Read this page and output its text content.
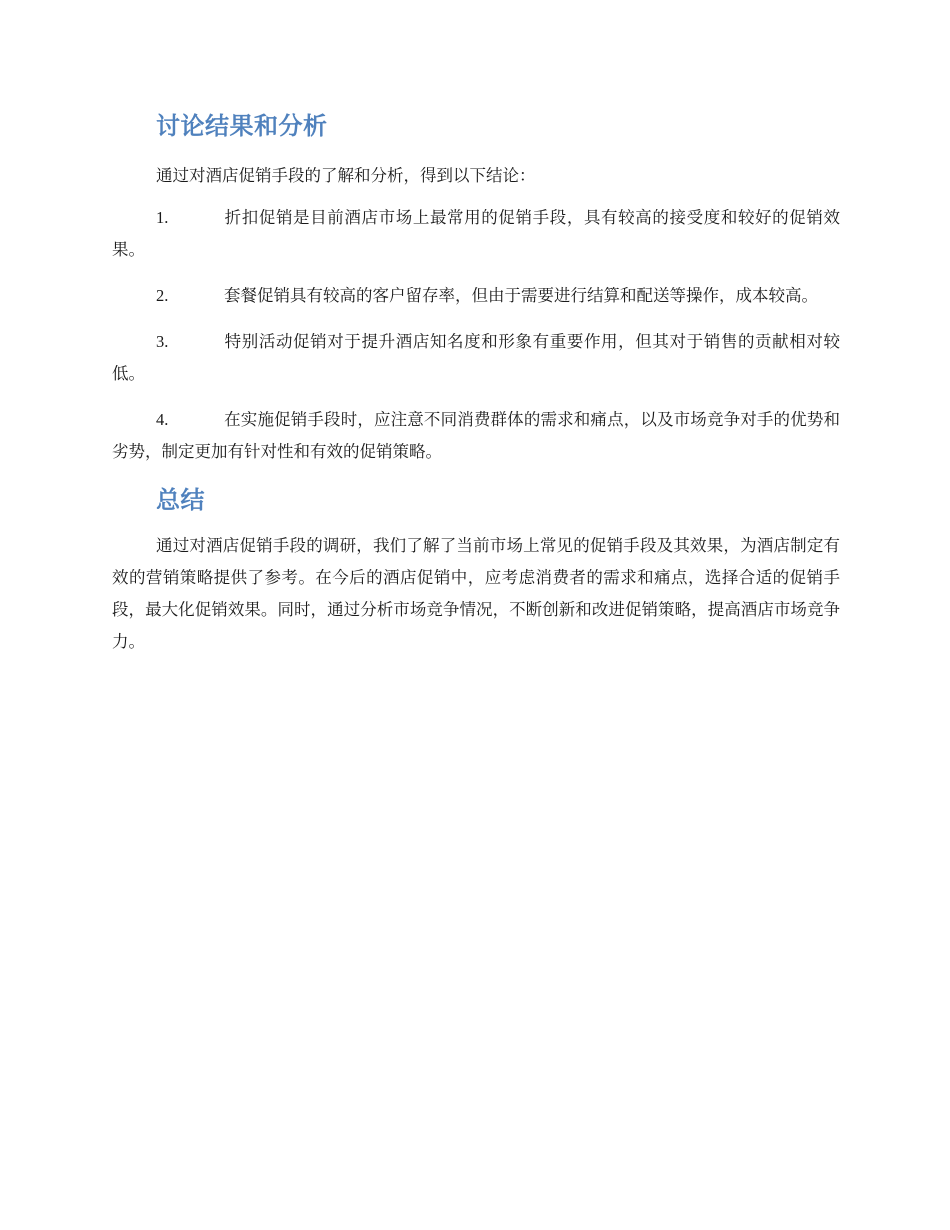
讨论结果和分析

通过对酒店促销手段的了解和分析，得到以下结论：

1.	折扣促销是目前酒店市场上最常用的促销手段，具有较高的接受度和较好的促销效果。

2.	套餐促销具有较高的客户留存率，但由于需要进行结算和配送等操作，成本较高。

3.	特别活动促销对于提升酒店知名度和形象有重要作用，但其对于销售的贡献相对较低。

4.	在实施促销手段时，应注意不同消费群体的需求和痛点，以及市场竞争对手的优势和劣势，制定更加有针对性和有效的促销策略。

总结

通过对酒店促销手段的调研，我们了解了当前市场上常见的促销手段及其效果，为酒店制定有效的营销策略提供了参考。在今后的酒店促销中，应考虑消费者的需求和痛点，选择合适的促销手段，最大化促销效果。同时，通过分析市场竞争情况，不断创新和改进促销策略，提高酒店市场竞争力。
